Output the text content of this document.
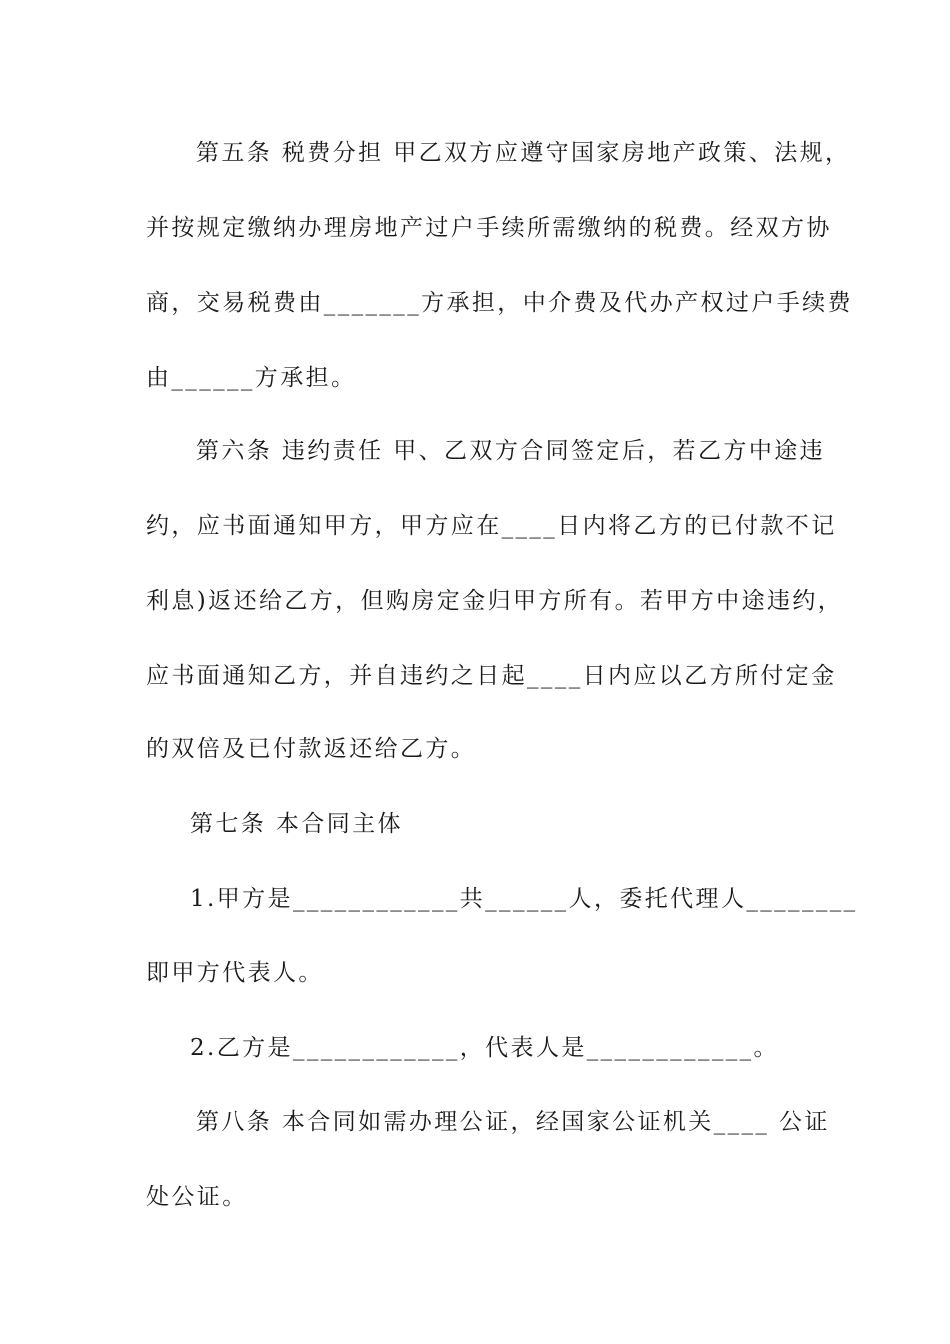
第五条 税费分担 甲乙双方应遵守国家房地产政策、法规，
并按规定缴纳办理房地产过户手续所需缴纳的税费。经双方协
商，交易税费由_______方承担，中介费及代办产权过户手续费
由______方承担。
第六条 违约责任 甲、乙双方合同签定后，若乙方中途违
约，应书面通知甲方，甲方应在____日内将乙方的已付款不记
利息)返还给乙方，但购房定金归甲方所有。若甲方中途违约，
应书面通知乙方，并自违约之日起____日内应以乙方所付定金
的双倍及已付款返还给乙方。
第七条 本合同主体
1.甲方是____________共______人，委托代理人________
即甲方代表人。
2.乙方是____________，代表人是____________。
第八条 本合同如需办理公证，经国家公证机关____ 公证
处公证。
